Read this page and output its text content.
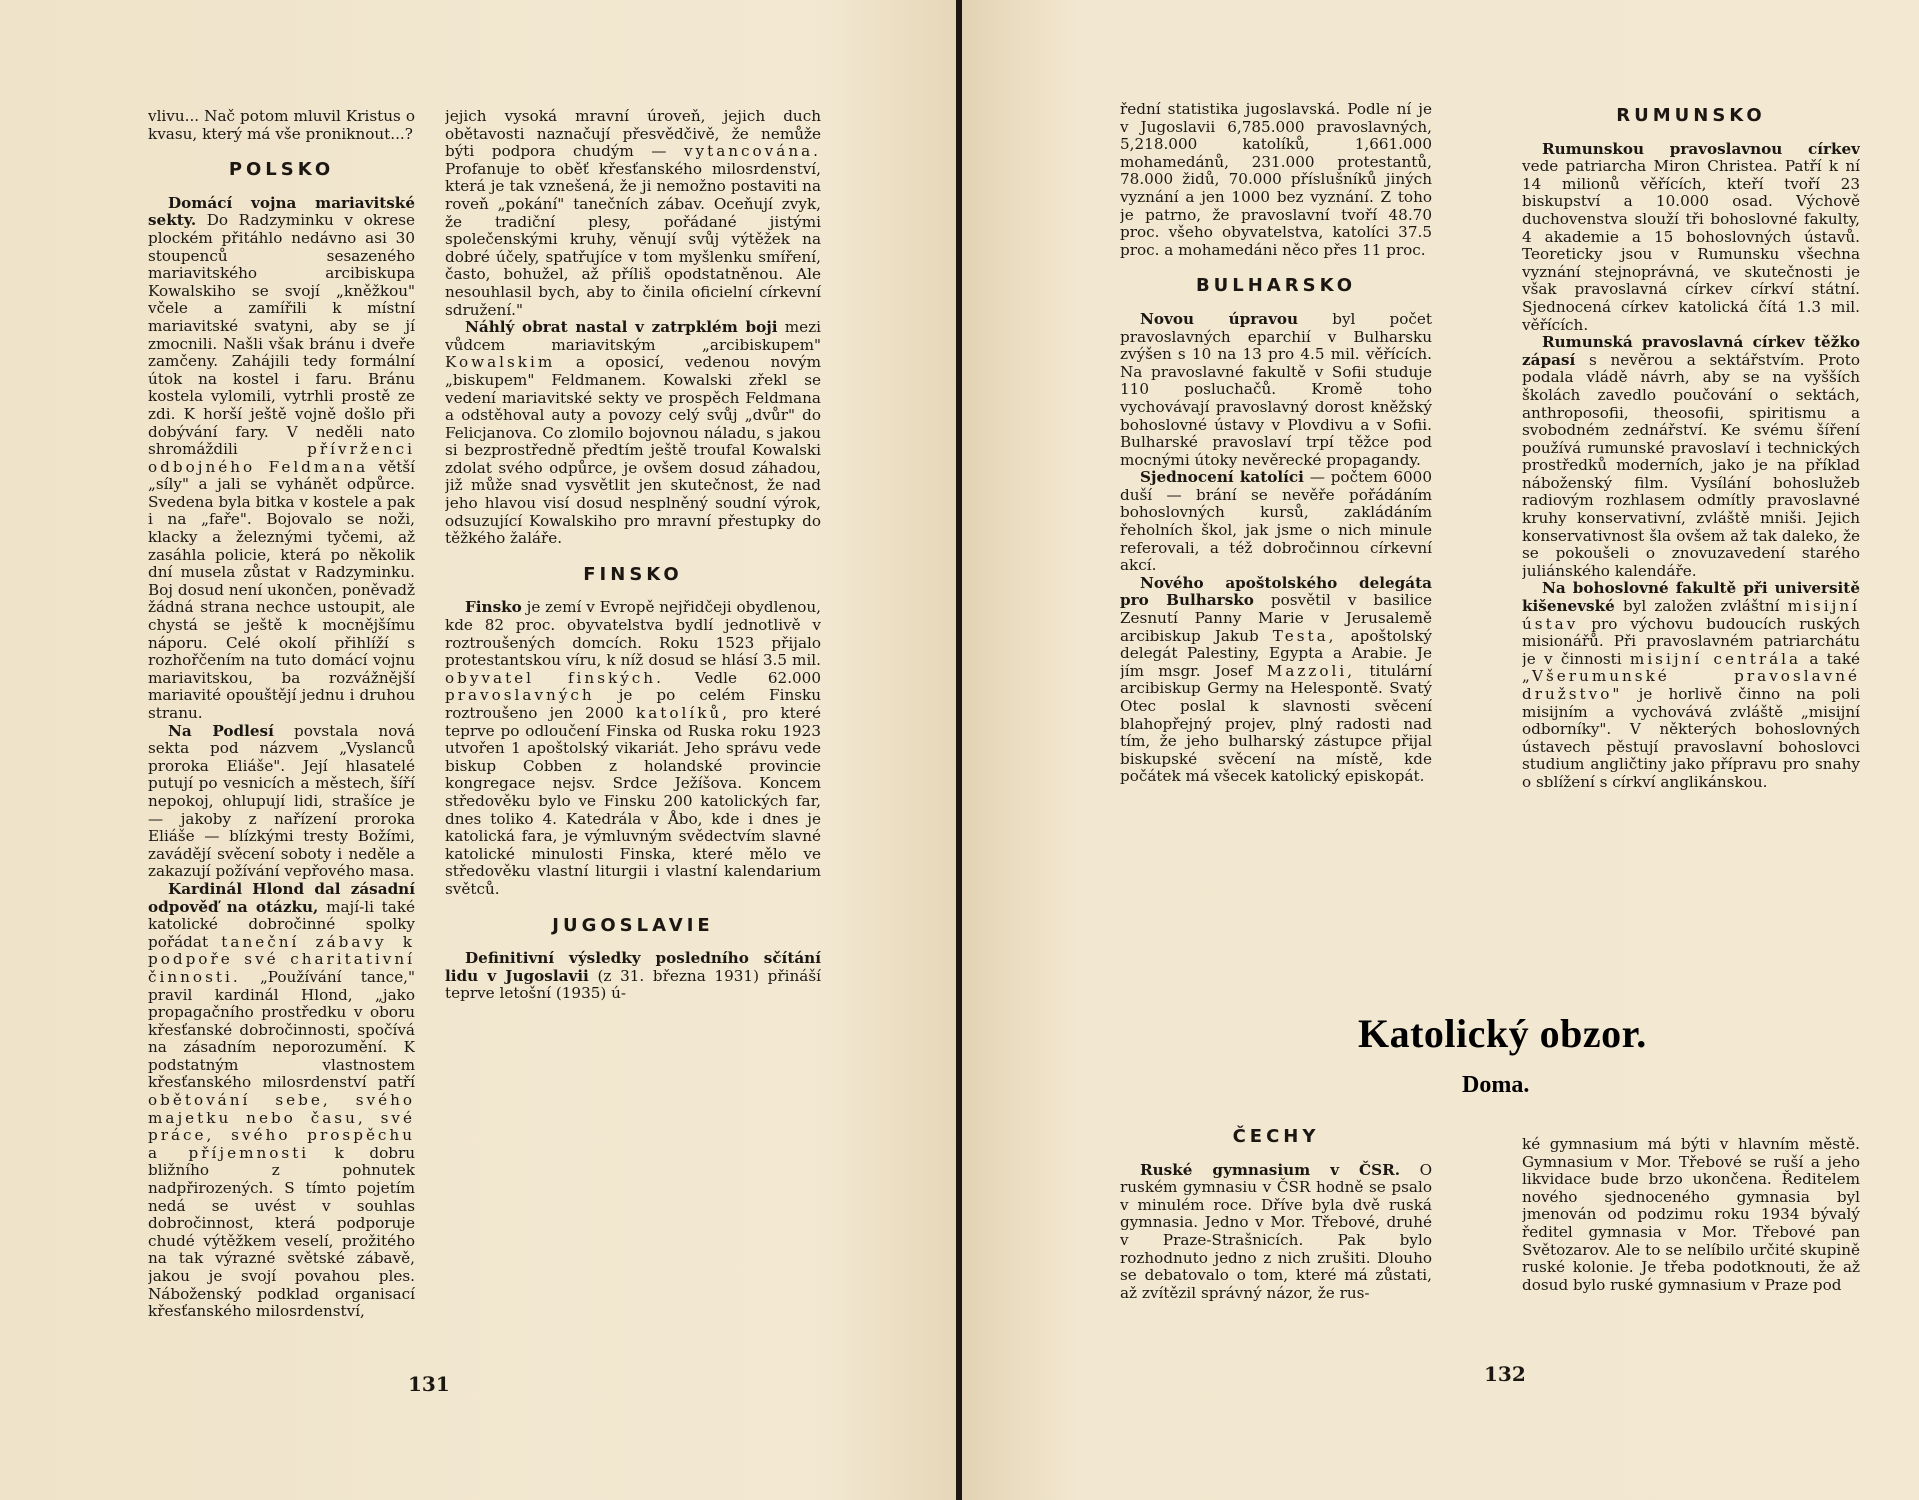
vlivu... Nač potom mluvil Kristus o kvasu, který má vše proniknout...?

POLSKO

Domácí vojna mariavitské sekty. Do Radzyminku v okrese plockém přitáhlo nedávno asi 30 stoupenců sesazeného mariavitského arcibiskupa Kowalskiho se svojí „kněžkou" včele a zamířili k místní mariavitské svatyni, aby se jí zmocnili. Našli však bránu i dveře zamčeny. Zahájili tedy formální útok na kostel i faru. Bránu kostela vylomili, vytrhli prostě ze zdi. K horší ještě vojně došlo při dobývání fary. V neděli nato shromáždili	přívrženci odbojného Feldmana větší „síly" a jali se vyhánět odpůrce. Svedena byla bitka v kostele a pak i na „faře". Bojovalo se noži, klacky a železnými tyčemi, až zasáhla policie, která po několik dní musela zůstat v Radzyminku. Boj dosud není ukončen, poněvadž žádná strana nechce ustoupit, ale chystá se ještě k mocnějšímu náporu. Celé okolí přihlíží s rozhořčením na tuto domácí vojnu mariavitskou, ba rozvážnější mariavité opouštějí jednu i druhou stranu.

Na Podlesí povstala nová sekta pod názvem „Vyslanců proroka Eliáše". Její hlasatelé putují po vesnicích a městech, šíří nepokoj, ohlupují lidi, strašíce je — jakoby z nařízení proroka Eliáše — blízkými tresty Božími, zavádějí svěcení soboty i neděle a zakazují požívání vepřového masa.

Kardinál Hlond dal zásadní odpověď na otázku, mají-li také katolické dobročinné spolky pořádat taneční zábavy k podpoře své charitativní činnosti. „Používání tance," pravil kardinál Hlond, „jako propagačního prostředku v oboru křesťanské dobročinnosti, spočívá na zásadním neporozumění. K podstatným vlastnostem křesťanského milosrdenství patří obětování sebe, svého majetku nebo času, své práce, svého prospěchu a příjemnosti k dobru bližního z pohnutek nadpřirozených. S tímto pojetím nedá se uvést v souhlas dobročinnost, která podporuje chudé výtěžkem veselí, prožitého na tak výrazné světské zábavě, jakou je svojí povahou ples. Náboženský podklad organisací křesťanského milosrdenství,

jejich vysoká mravní úroveň, jejich duch obětavosti naznačují přesvědčivě, že nemůže býti podpora chudým — vytancována. Profanuje to oběť křesťanského milosrdenství, která je tak vznešená, že ji nemožno postaviti na roveň „pokání" tanečních zábav. Oceňují zvyk, že tradiční plesy, pořádané jistými společenskými kruhy, věnují svůj výtěžek na dobré účely, spatřujíce v tom myšlenku smíření, často, bohužel, až příliš opodstatněnou. Ale nesouhlasil bych, aby to činila oficielní církevní sdružení."

Náhlý obrat nastal v zatrpklém boji mezi vůdcem mariavitským „arcibiskupem" Kowalskim a oposicí, vedenou novým „biskupem" Feldmanem. Kowalski zřekl se vedení mariavitské sekty ve prospěch Feldmana a odstěhoval auty a povozy celý svůj „dvůr" do Felicjanova. Co zlomilo bojovnou náladu, s jakou si bezprostředně předtím ještě troufal Kowalski zdolat svého odpůrce, je ovšem dosud záhadou, již může snad vysvětlit jen skutečnost, že nad jeho hlavou visí dosud nesplněný soudní výrok, odsuzující Kowalskiho pro mravní přestupky do těžkého žaláře.

FINSKO

Finsko je zemí v Evropě nejřidčeji obydlenou, kde 82 proc. obyvatelstva bydlí jednotlivě v roztroušených domcích. Roku 1523 přijalo protestantskou víru, k níž dosud se hlásí 3.5 mil. obyvatel finských. Vedle 62.000 pravoslavných je po celém Finsku roztroušeno jen 2000 katolíků, pro které teprve po odloučení Finska od Ruska roku 1923 utvořen 1 apoštolský vikariát. Jeho správu vede biskup Cobben z holandské provincie kongregace nejsv. Srdce Ježíšova. Koncem středověku bylo ve Finsku 200 katolických far, dnes toliko 4. Katedrála v Åbo, kde i dnes je katolická fara, je výmluvným svědectvím slavné katolické minulosti Finska, které mělo ve středověku vlastní liturgii i vlastní kalendarium světců.

JUGOSLAVIE

Definitivní výsledky posledního sčítání lidu v Jugoslavii (z 31. března 1931) přináší teprve letošní (1935) ú-

131

řední statistika jugoslavská. Podle ní je v Jugoslavii 6,785.000 pravoslavných, 5,218.000 katolíků, 1,661.000 mohamedánů, 231.000 protestantů, 78.000 židů, 70.000 příslušníků jiných vyznání a jen 1000 bez vyznání. Z toho je patrno, že pravoslavní tvoří 48.70 proc. všeho obyvatelstva, katolíci 37.5 proc. a mohamedáni něco přes 11 proc.

BULHARSKO

Novou úpravou byl počet pravoslavných eparchií v Bulharsku zvýšen s 10 na 13 pro 4.5 mil. věřících. Na pravoslavné fakultě v Sofii studuje 110 posluchačů. Kromě toho vychovávají pravoslavný dorost kněžský bohoslovné ústavy v Plovdivu a v Sofii. Bulharské pravoslaví trpí těžce pod mocnými útoky nevěrecké propagandy.

Sjednocení katolíci — počtem 6000 duší — brání se nevěře pořádáním bohoslovných kursů, zakládáním řeholních škol, jak jsme o nich minule referovali, a též dobročinnou církevní akcí.

Nového apoštolského delegáta pro Bulharsko posvětil v basilice Zesnutí Panny Marie v Jerusalemě arcibiskup Jakub Testa, apoštolský delegát Palestiny, Egypta a Arabie. Je jím msgr. Josef Mazzoli, titulární arcibiskup Germy na Helespontě. Svatý Otec poslal k slavnosti svěcení blahopřejný projev, plný radosti nad tím, že jeho bulharský zástupce přijal biskupské svěcení na místě, kde počátek má všecek katolický episkopát.

RUMUNSKO

Rumunskou pravoslavnou církev vede patriarcha Miron Christea. Patří k ní 14 milionů věřících, kteří tvoří 23 biskupství a 10.000 osad. Výchově duchovenstva slouží tři bohoslovné fakulty, 4 akademie a 15 bohoslovných ústavů. Teoreticky jsou v Rumunsku všechna vyznání stejnoprávná, ve skutečnosti je však pravoslavná církev církví státní. Sjednocená církev katolická čítá 1.3 mil. věřících.

Rumunská pravoslavná církev těžko zápasí s nevěrou a sektářstvím. Proto podala vládě návrh, aby se na vyšších školách zavedlo poučování o sektách, anthroposofii, theosofii, spiritismu a svobodném zednářství. Ke svému šíření používá rumunské pravoslaví i technických prostředků moderních, jako je na příklad náboženský film. Vysílání bohoslužeb radiovým rozhlasem odmítly pravoslavné kruhy konservativní, zvláště mniši. Jejich konservativnost šla ovšem až tak daleko, že se pokoušeli o znovuzavedení starého juliánského kalendáře.

Na bohoslovné fakultě při universitě kišenevské byl založen zvláštní misijní ústav pro výchovu budoucích ruských misionářů. Při pravoslavném patriarchátu je v činnosti misijní centrála a také „Všerumunské pravoslavné družstvo" je horlivě činno na poli misijním a vychovává zvláště „misijní odborníky". V některých bohoslovných ústavech pěstují pravoslavní bohoslovci studium angličtiny jako přípravu pro snahy o sblížení s církví anglikánskou.

ČECHY

Ruské gymnasium v ČSR. O ruském gymnasiu v ČSR hodně se psalo v minulém roce. Dříve byla dvě ruská gymnasia. Jedno v Mor. Třebové, druhé v Praze-Strašnicích. Pak bylo rozhodnuto jedno z nich zrušiti. Dlouho se debatovalo o tom, které má zůstati, až zvítězil správný názor, že rus-

ké gymnasium má býti v hlavním městě. Gymnasium v Mor. Třebové se ruší a jeho likvidace bude brzo ukončena. Ředitelem nového sjednoceného gymnasia byl jmenován od podzimu roku 1934 bývalý ředitel gymnasia v Mor. Třebové pan Světozarov. Ale to se nelíbilo určité skupině ruské kolonie. Je třeba podotknouti, že až dosud bylo ruské gymnasium v Praze pod

132
Katolický obzor.
Doma.
